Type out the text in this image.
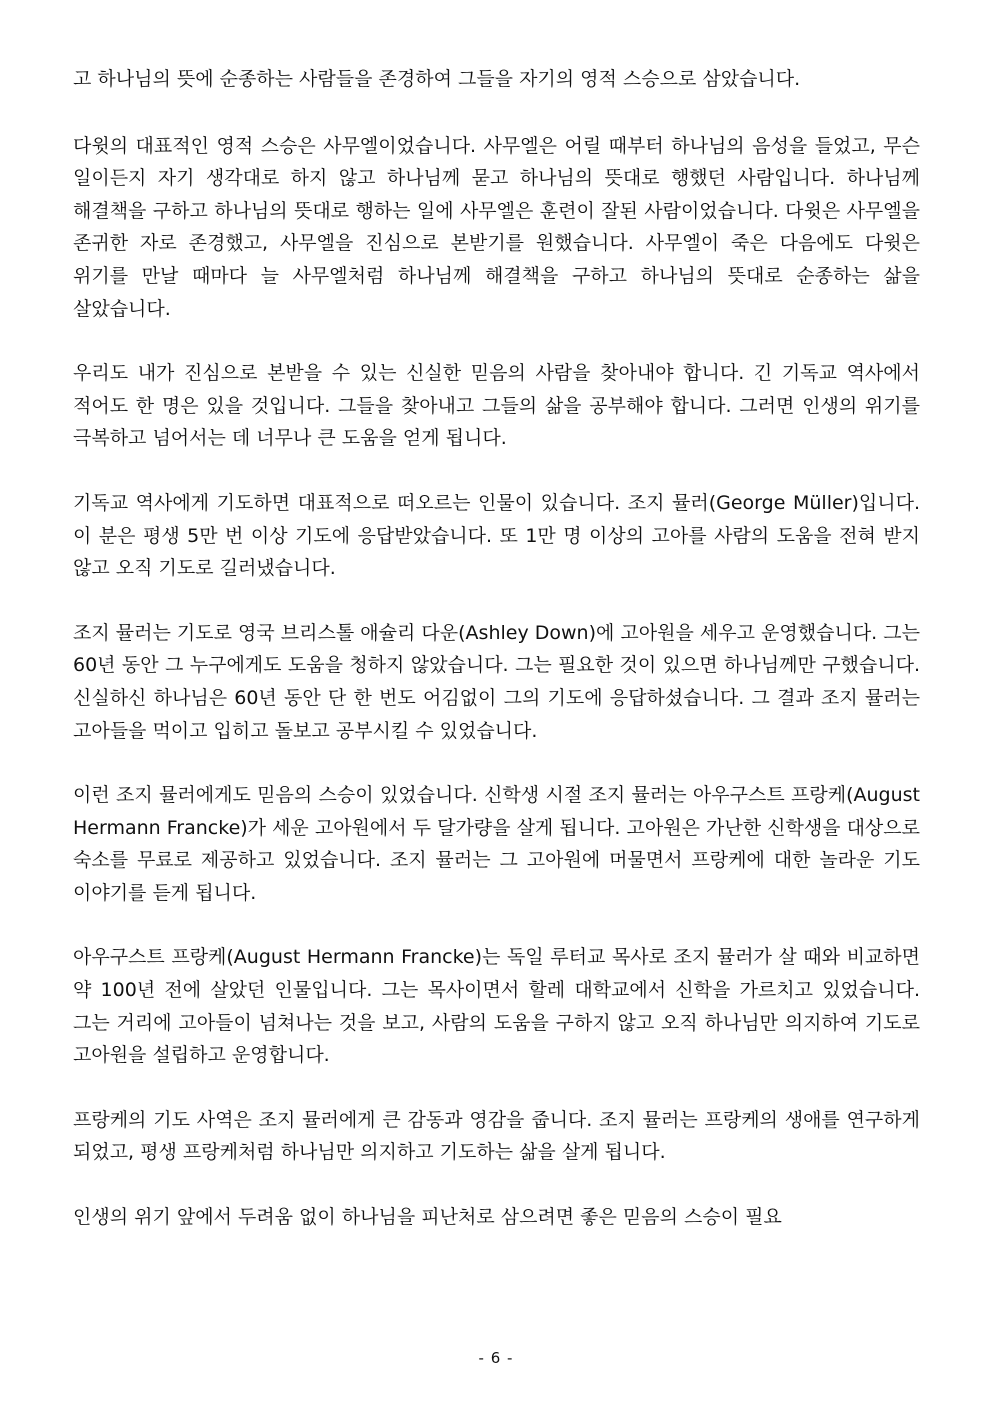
고 하나님의 뜻에 순종하는 사람들을 존경하여 그들을 자기의 영적 스승으로 삼았습니다.

다윗의 대표적인 영적 스승은 사무엘이었습니다. 사무엘은 어릴 때부터 하나님의 음성을 들었고, 무슨 일이든지 자기 생각대로 하지 않고 하나님께 묻고 하나님의 뜻대로 행했던 사람입니다. 하나님께 해결책을 구하고 하나님의 뜻대로 행하는 일에 사무엘은 훈련이 잘된 사람이었습니다. 다윗은 사무엘을 존귀한 자로 존경했고, 사무엘을 진심으로 본받기를 원했습니다. 사무엘이 죽은 다음에도 다윗은 위기를 만날 때마다 늘 사무엘처럼 하나님께 해결책을 구하고 하나님의 뜻대로 순종하는 삶을 살았습니다.

우리도 내가 진심으로 본받을 수 있는 신실한 믿음의 사람을 찾아내야 합니다. 긴 기독교 역사에서 적어도 한 명은 있을 것입니다. 그들을 찾아내고 그들의 삶을 공부해야 합니다. 그러면 인생의 위기를 극복하고 넘어서는 데 너무나 큰 도움을 얻게 됩니다.

기독교 역사에게 기도하면 대표적으로 떠오르는 인물이 있습니다. 조지 뮬러(George Müller)입니다. 이 분은 평생 5만 번 이상 기도에 응답받았습니다. 또 1만 명 이상의 고아를 사람의 도움을 전혀 받지 않고 오직 기도로 길러냈습니다.

조지 뮬러는 기도로 영국 브리스톨 애슐리 다운(Ashley Down)에 고아원을 세우고 운영했습니다. 그는 60년 동안 그 누구에게도 도움을 청하지 않았습니다. 그는 필요한 것이 있으면 하나님께만 구했습니다. 신실하신 하나님은 60년 동안 단 한 번도 어김없이 그의 기도에 응답하셨습니다. 그 결과 조지 뮬러는 고아들을 먹이고 입히고 돌보고 공부시킬 수 있었습니다.

이런 조지 뮬러에게도 믿음의 스승이 있었습니다. 신학생 시절 조지 뮬러는 아우구스트 프랑케(August Hermann Francke)가 세운 고아원에서 두 달가량을 살게 됩니다. 고아원은 가난한 신학생을 대상으로 숙소를 무료로 제공하고 있었습니다. 조지 뮬러는 그 고아원에 머물면서 프랑케에 대한 놀라운 기도 이야기를 듣게 됩니다.

아우구스트 프랑케(August Hermann Francke)는 독일 루터교 목사로 조지 뮬러가 살 때와 비교하면 약 100년 전에 살았던 인물입니다. 그는 목사이면서 할레 대학교에서 신학을 가르치고 있었습니다. 그는 거리에 고아들이 넘쳐나는 것을 보고, 사람의 도움을 구하지 않고 오직 하나님만 의지하여 기도로 고아원을 설립하고 운영합니다.

프랑케의 기도 사역은 조지 뮬러에게 큰 감동과 영감을 줍니다. 조지 뮬러는 프랑케의 생애를 연구하게 되었고, 평생 프랑케처럼 하나님만 의지하고 기도하는 삶을 살게 됩니다.

인생의 위기 앞에서 두려움 없이 하나님을 피난처로 삼으려면 좋은 믿음의 스승이 필요

- 6 -
